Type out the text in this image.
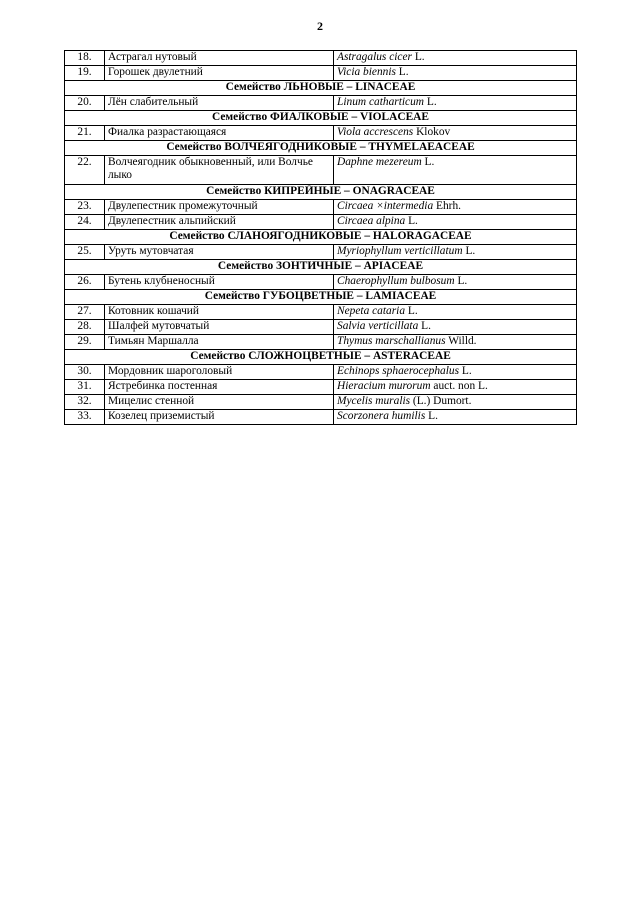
2
18.	Астрагал нутовый	Astragalus cicer L.
19.	Горошек двулетний	Vicia biennis L.
Семейство ЛЬНОВЫЕ – LINACEAE		
20.	Лён слабительный	Linum catharticum L.
Семейство ФИАЛКОВЫЕ – VIOLACEAE		
21.	Фиалка разрастающаяся	Viola accrescens Klokov
Семейство ВОЛЧЕЯГОДНИКОВЫЕ – THYMELAEACEAE		
22.	Волчеягодник обыкновенный, или Волчье лыко	Daphne mezereum L.
Семейство КИПРЕЙНЫЕ – ONAGRACEAE		
23.	Двулепестник промежуточный	Circaea ×intermedia Ehrh.
24.	Двулепестник альпийский	Circaea alpina L.
Семейство СЛАНОЯГОДНИКОВЫЕ – HALORAGACEAE		
25.	Уруть мутовчатая	Myriophyllum verticillatum L.
Семейство ЗОНТИЧНЫЕ – APIACEAE		
26.	Бутень клубненосный	Chaerophyllum bulbosum L.
Семейство ГУБОЦВЕТНЫЕ – LAMIACEAE		
27.	Котовник кошачий	Nepeta cataria L.
28.	Шалфей мутовчатый	Salvia verticillata L.
29.	Тимьян Маршалла	Thymus marschallianus Willd.
Семейство СЛОЖНОЦВЕТНЫЕ – ASTERACEAE		
30.	Мордовник шароголовый	Echinops sphaerocephalus L.
31.	Ястребинка постенная	Hieracium murorum auct. non L.
32.	Мицелис стенной	Mycelis muralis (L.) Dumort.
33.	Козелец приземистый	Scorzonera humilis L.
